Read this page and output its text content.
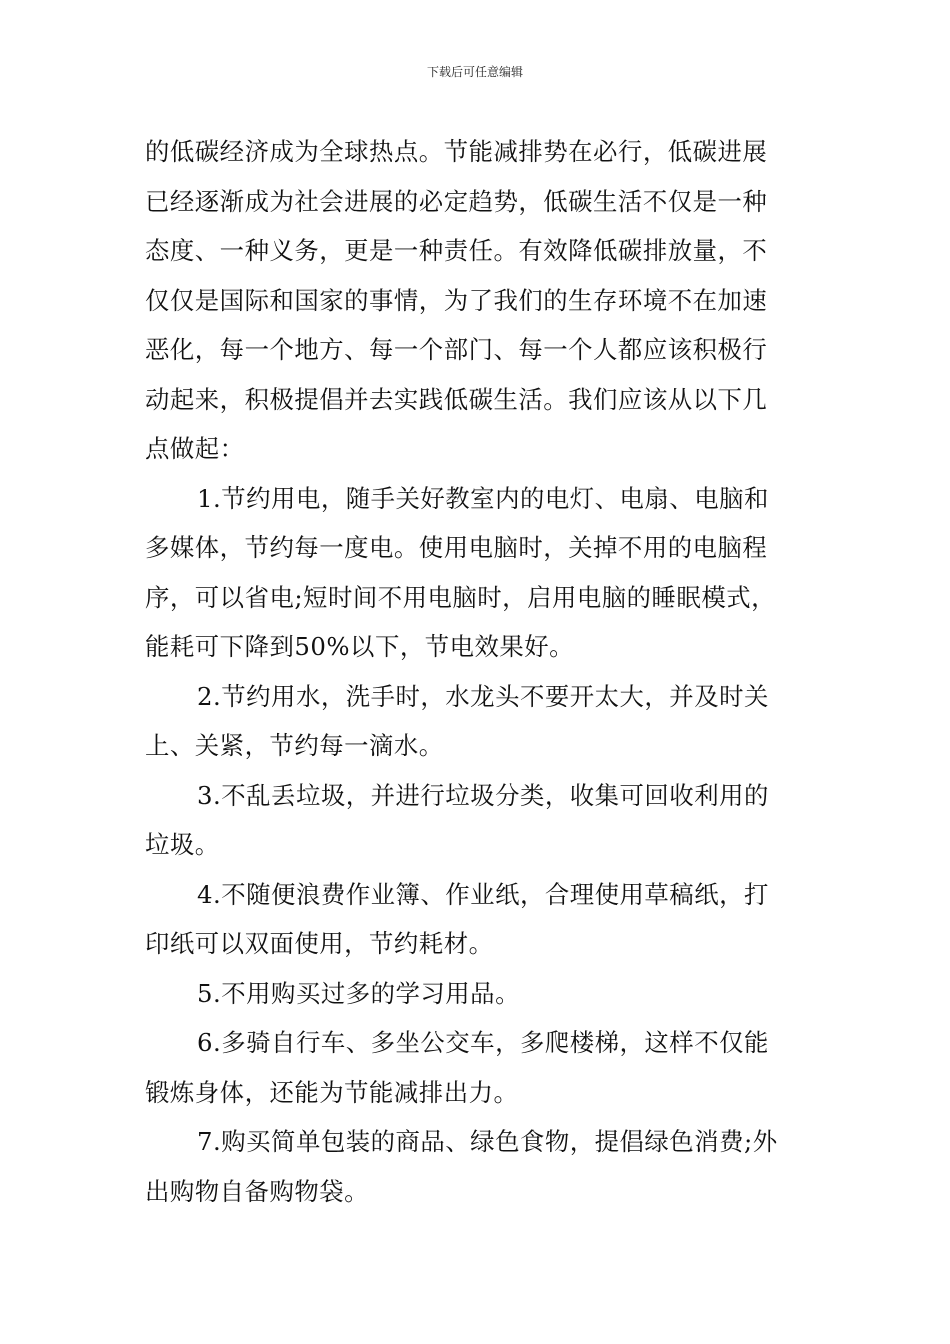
下载后可任意编辑

的低碳经济成为全球热点。节能减排势在必行，低碳进展
已经逐渐成为社会进展的必定趋势，低碳生活不仅是一种
态度、一种义务，更是一种责任。有效降低碳排放量，不
仅仅是国际和国家的事情，为了我们的生存环境不在加速
恶化，每一个地方、每一个部门、每一个人都应该积极行
动起来，积极提倡并去实践低碳生活。我们应该从以下几
点做起：

1.节约用电，随手关好教室内的电灯、电扇、电脑和
多媒体，节约每一度电。使用电脑时，关掉不用的电脑程
序，可以省电;短时间不用电脑时，启用电脑的睡眠模式，
能耗可下降到50%以下，节电效果好。

2.节约用水，洗手时，水龙头不要开太大，并及时关
上、关紧，节约每一滴水。

3.不乱丢垃圾，并进行垃圾分类，收集可回收利用的
垃圾。

4.不随便浪费作业簿、作业纸，合理使用草稿纸，打
印纸可以双面使用，节约耗材。

5.不用购买过多的学习用品。

6.多骑自行车、多坐公交车，多爬楼梯，这样不仅能
锻炼身体，还能为节能减排出力。

7.购买简单包装的商品、绿色食物，提倡绿色消费;外
出购物自备购物袋。
